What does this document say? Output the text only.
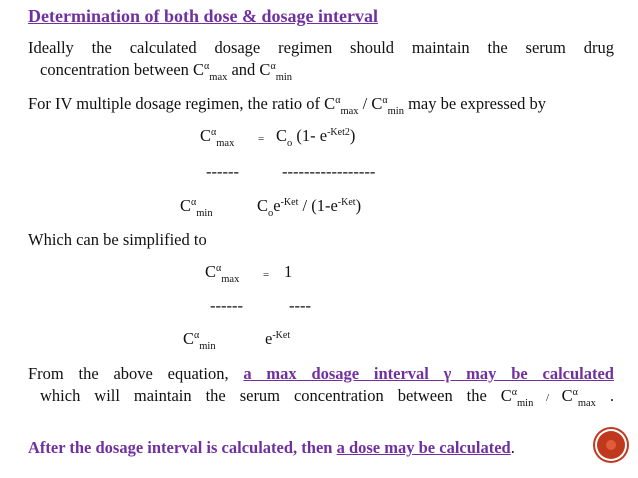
Determination of both dose & dosage interval
Ideally the calculated dosage regimen should maintain the serum drug
concentration between $C^\alpha_{max}$ and $C^\alpha_{min}$
For IV multiple dosage regimen, the ratio of $C^\alpha_{max} / C^\alpha_{min}$ may be expressed by
$C^\alpha_{max} = C_o$ (1- $e^{-Ket2}$)
------	-----------------
$C^\alpha_{min}$	$C_oe^{-Ket} / (1-e^{-Ket})$
Which can be simplified to
$C^\alpha_{max} = 1$
------	----
$C^\alpha_{min}$	$e^{-Ket}$
From the above equation, a max dosage interval γ may be calculated
which will maintain the serum concentration between the $C^\alpha_{min} / C^\alpha_{max}$ .
After the dosage interval is calculated, then a dose may be calculated.
